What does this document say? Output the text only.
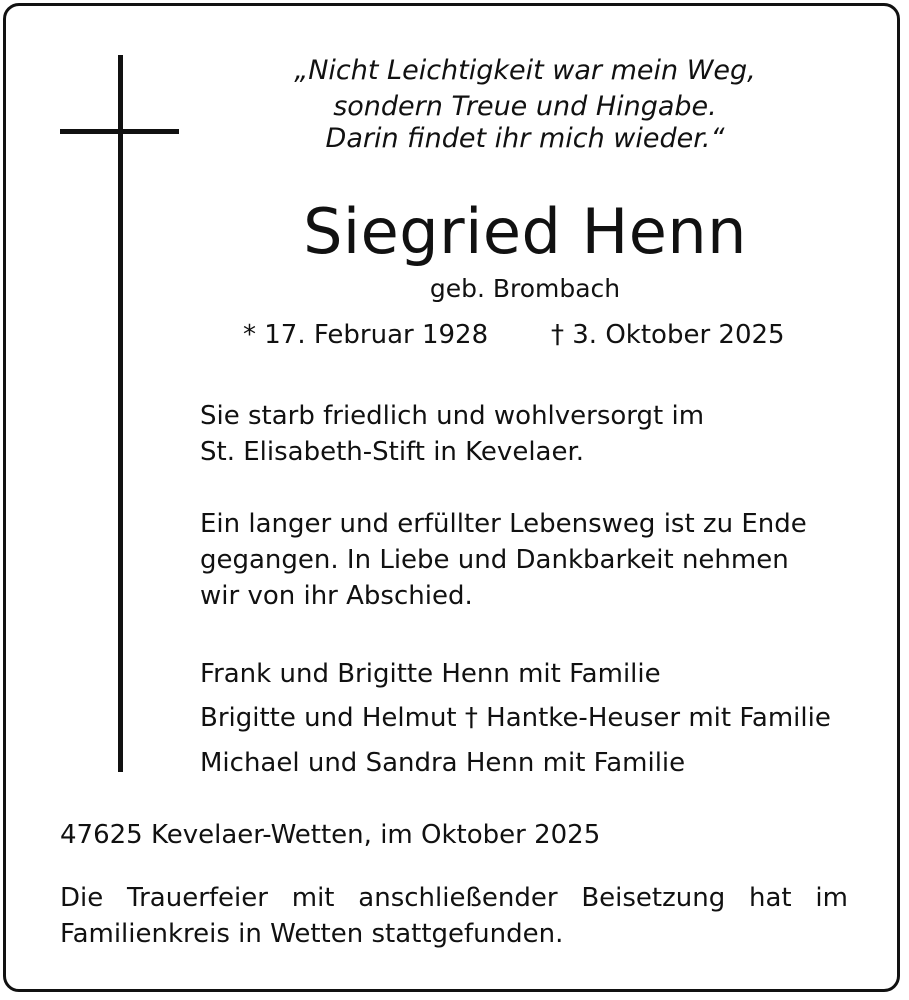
„Nicht Leichtigkeit war mein Weg,
sondern Treue und Hingabe.
Darin findet ihr mich wieder.“
Siegried Henn
geb. Brombach
* 17. Februar 1928 † 3. Oktober 2025
Sie starb friedlich und wohlversorgt im
St. Elisabeth-Stift in Kevelaer.
Ein langer und erfüllter Lebensweg ist zu Ende
gegangen. In Liebe und Dankbarkeit nehmen
wir von ihr Abschied.
Frank und Brigitte Henn mit Familie
Brigitte und Helmut † Hantke-Heuser mit Familie
Michael und Sandra Henn mit Familie
47625 Kevelaer-Wetten, im Oktober 2025
Die Trauerfeier mit anschließender Beisetzung hat im
Familienkreis in Wetten stattgefunden.
